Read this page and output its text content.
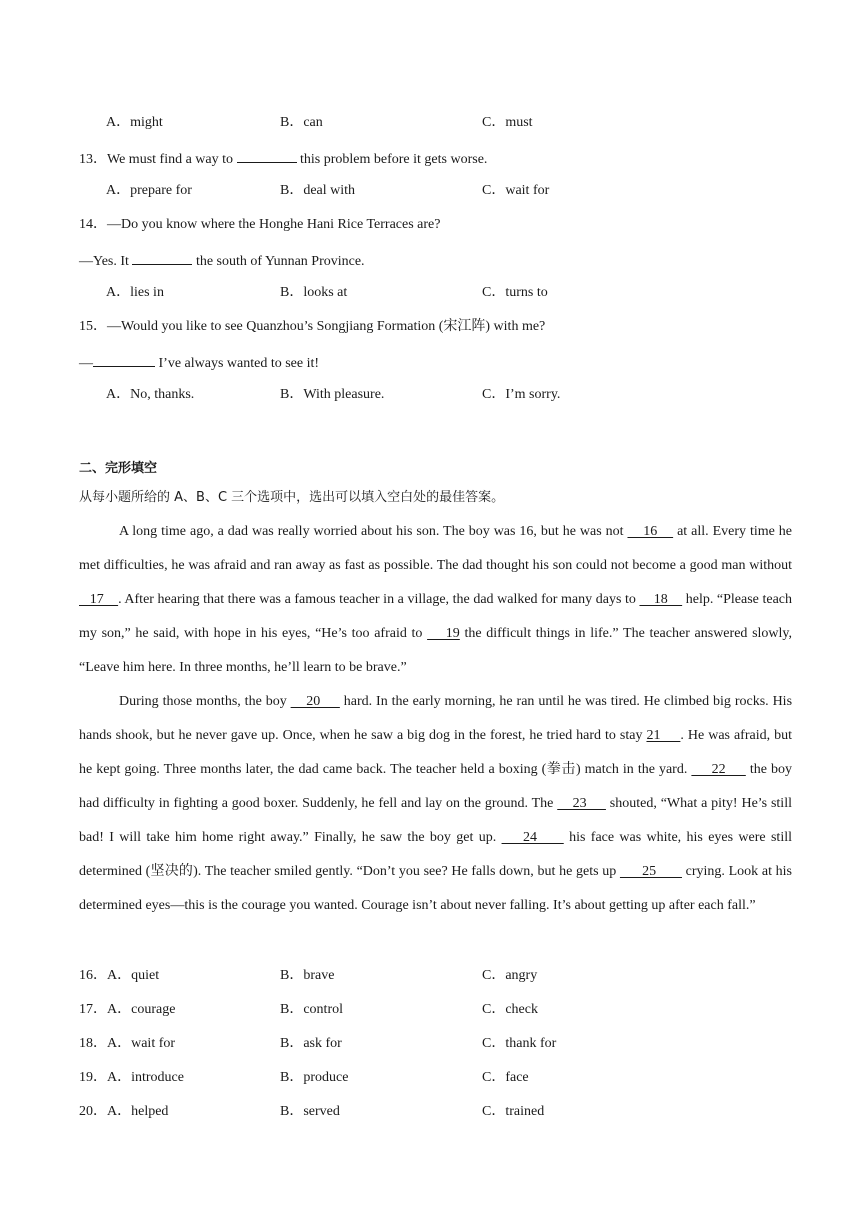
A．might	B．can	C．must
13．We must find a way to	this problem before it gets worse.
A．prepare for	B．deal with	C．wait for
14．—Do you know where the Honghe Hani Rice Terraces are?
—Yes. It	the south of Yunnan Province.
A．lies in	B．looks at	C．turns to
15．—Would you like to see Quanzhou’s Songjiang Formation (宋江阵) with me?
—	I’ve always wanted to see it!
A．No, thanks.	B．With pleasure.	C．I’m sorry.
二、完形填空
从每小题所给的 A、B、C 三个选项中，选出可以填入空白处的最佳答案。
A long time ago, a dad was really worried about his son. The boy was 16, but he was not     16     at all. Every time he met difficulties, he was afraid and ran away as fast as possible. The dad thought his son could not become a good man without    17    . After hearing that there was a famous teacher in a village, the dad walked for many days to     18     help. “Please teach my son,” he said, with hope in his eyes, “He’s too afraid to     19 the difficult things in life.” The teacher answered slowly, “Leave him here. In three months, he’ll learn to be brave.”
During those months, the boy     20      hard. In the early morning, he ran until he was tired. He climbed big rocks. His hands shook, but he never gave up. Once, when he saw a big dog in the forest, he tried hard to stay 21     . He was afraid, but he kept going. Three months later, the dad came back. The teacher held a boxing (拳击) match in the yard.      22      the boy had difficulty in fighting a good boxer. Suddenly, he fell and lay on the ground. The     23      shouted, “What a pity! He’s still bad! I will take him home right away.” Finally, he saw the boy get up.     24      his face was white, his eyes were still determined (坚决的). The teacher smiled gently. “Don’t you see? He falls down, but he gets up       25        crying. Look at his determined eyes—this is the courage you wanted. Courage isn’t about never falling. It’s about getting up after each fall.”
16．A．quiet	B．brave	C．angry
17．A．courage	B．control	C．check
18．A．wait for	B．ask for	C．thank for
19．A．introduce	B．produce	C．face
20．A．helped	B．served	C．trained
